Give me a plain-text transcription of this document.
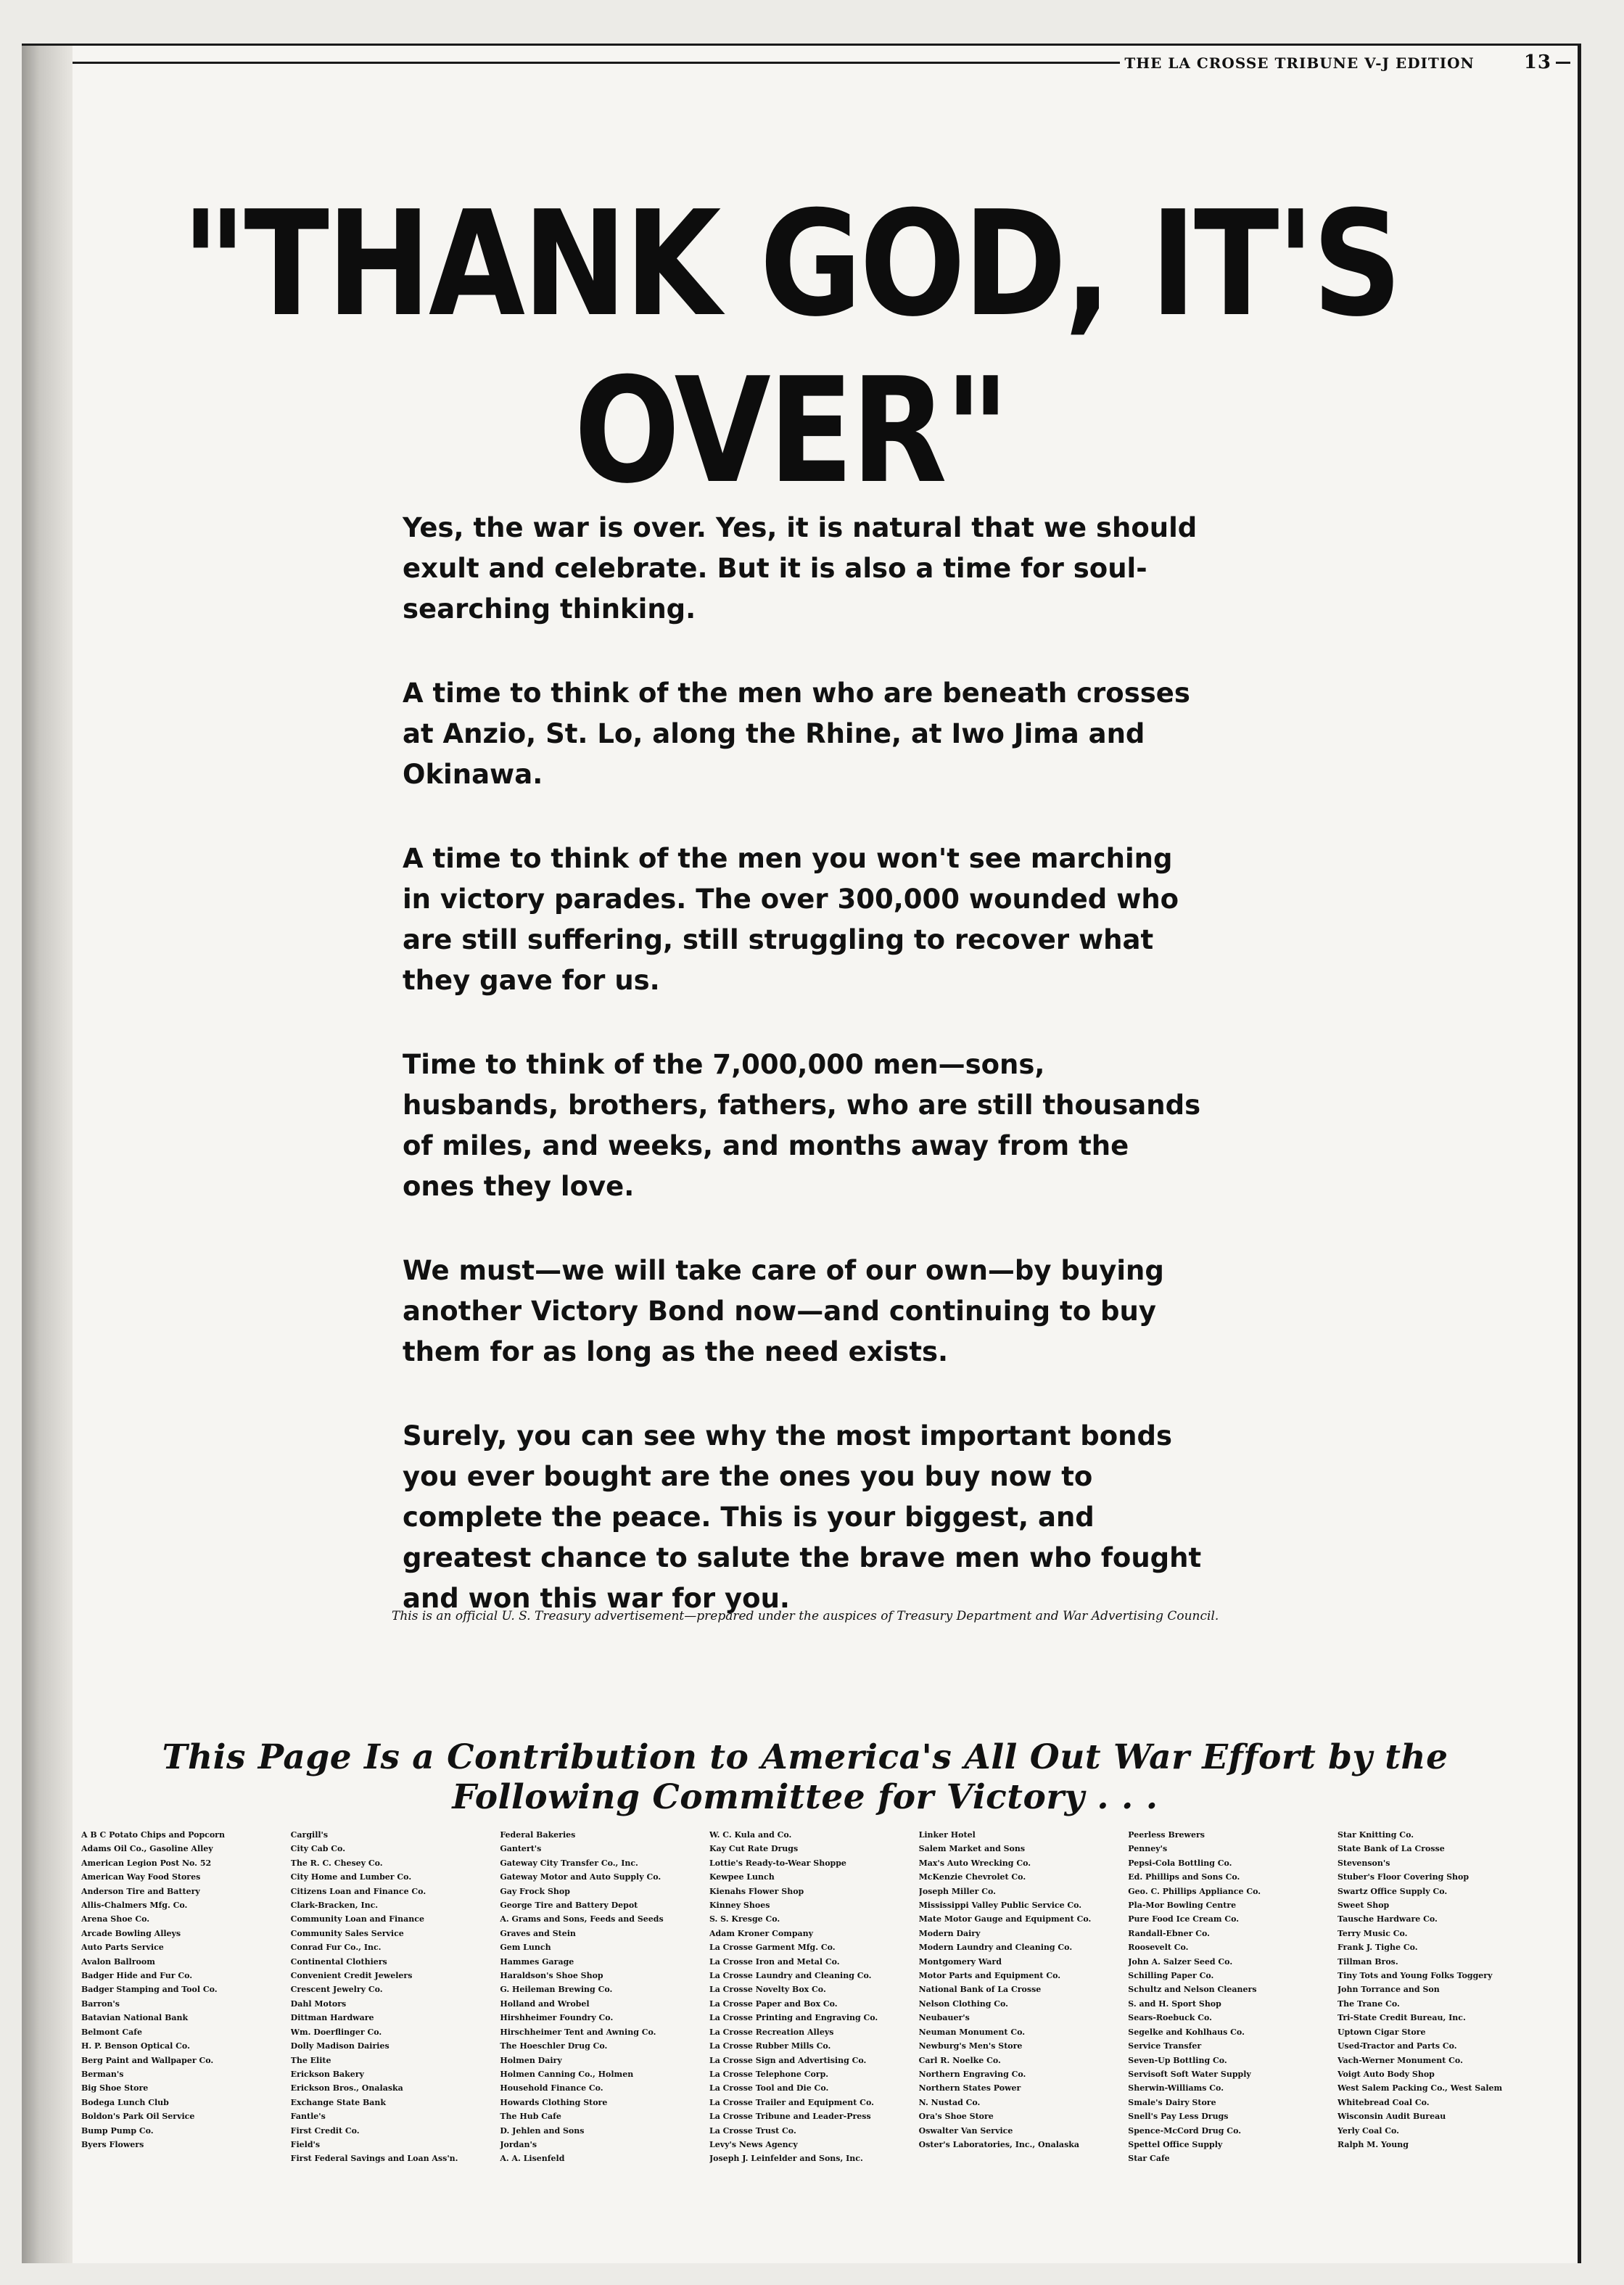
THE LA CROSSE TRIBUNE V-J EDITION	13
"THANK GOD, IT'S OVER"

Yes, the war is over. Yes, it is natural that we should exult and celebrate. But it is also a time for soul-searching thinking.

A time to think of the men who are beneath crosses at Anzio, St. Lo, along the Rhine, at Iwo Jima and Okinawa.

A time to think of the men you won't see marching in victory parades. The over 300,000 wounded who are still suffering, still struggling to recover what they gave for us.

Time to think of the 7,000,000 men—sons, husbands, brothers, fathers, who are still thousands of miles, and weeks, and months away from the ones they love.

We must—we will take care of our own—by buying another Victory Bond now—and continuing to buy them for as long as the need exists.

Surely, you can see why the most important bonds you ever bought are the ones you buy now to complete the peace. This is your biggest, and greatest chance to salute the brave men who fought and won this war for you.

This is an official U. S. Treasury advertisement—prepared under the auspices of Treasury Department and War Advertising Council.
This Page Is a Contribution to America's All Out War Effort by the Following Committee for Victory . . .
A B C Potato Chips and Popcorn
Adams Oil Co., Gasoline Alley
American Legion Post No. 52
American Way Food Stores
Anderson Tire and Battery
Allis-Chalmers Mfg. Co.
Arena Shoe Co.
Arcade Bowling Alleys
Auto Parts Service
Avalon Ballroom
Badger Hide and Fur Co.
Badger Stamping and Tool Co.
Barron's
Batavian National Bank
Belmont Cafe
H. P. Benson Optical Co.
Berg Paint and Wallpaper Co.
Berman's
Big Shoe Store
Bodega Lunch Club
Boldon's Park Oil Service
Bump Pump Co.
Byers Flowers
Cargill's
City Cab Co.
The R. C. Chesey Co.
City Home and Lumber Co.
Citizens Loan and Finance Co.
Clark-Bracken, Inc.
Community Loan and Finance
Community Sales Service
Conrad Fur Co., Inc.
Continental Clothiers
Convenient Credit Jewelers
Crescent Jewelry Co.
Dahl Motors
Dittman Hardware
Wm. Doerflinger Co.
Dolly Madison Dairies
The Elite
Erickson Bakery
Erickson Bros., Onalaska
Exchange State Bank
Fantle's
First Credit Co.
Field's
First Federal Savings and Loan Ass'n.
Federal Bakeries
Gantert's
Gateway City Transfer Co., Inc.
Gateway Motor and Auto Supply Co.
Gay Frock Shop
George Tire and Battery Depot
A. Grams and Sons, Feeds and Seeds
Graves and Stein
Gem Lunch
Hammes Garage
Haraldson's Shoe Shop
G. Heileman Brewing Co.
Holland and Wrobel
Hirshheimer Foundry Co.
Hirschheimer Tent and Awning Co.
The Hoeschler Drug Co.
Holmen Dairy
Holmen Canning Co., Holmen
Household Finance Co.
Howards Clothing Store
The Hub Cafe
D. Jehlen and Sons
Jordan's
A. A. Lisenfeld
W. C. Kula and Co.
Kay Cut Rate Drugs
Lottie's Ready-to-Wear Shoppe
Kewpee Lunch
Kienahs Flower Shop
Kinney Shoes
S. S. Kresge Co.
Adam Kroner Company
La Crosse Garment Mfg. Co.
La Crosse Iron and Metal Co.
La Crosse Laundry and Cleaning Co.
La Crosse Novelty Box Co.
La Crosse Paper and Box Co.
La Crosse Printing and Engraving Co.
La Crosse Recreation Alleys
La Crosse Rubber Mills Co.
La Crosse Sign and Advertising Co.
La Crosse Telephone Corp.
La Crosse Tool and Die Co.
La Crosse Trailer and Equipment Co.
La Crosse Tribune and Leader-Press
La Crosse Trust Co.
Levy's News Agency
Joseph J. Leinfelder and Sons, Inc.
Linker Hotel
Salem Market and Sons
Max's Auto Wrecking Co.
McKenzie Chevrolet Co.
Joseph Miller Co.
Mississippi Valley Public Service Co.
Mate Motor Gauge and Equipment Co.
Modern Dairy
Modern Laundry and Cleaning Co.
Montgomery Ward
Motor Parts and Equipment Co.
National Bank of La Crosse
Nelson Clothing Co.
Neubauer's
Neuman Monument Co.
Newburg's Men's Store
Carl R. Noelke Co.
Northern Engraving Co.
Northern States Power
N. Nustad Co.
Ora's Shoe Store
Oswalter Van Service
Oster's Laboratories, Inc., Onalaska
Peerless Brewers
Penney's
Pepsi-Cola Bottling Co.
Ed. Phillips and Sons Co.
Geo. C. Phillips Appliance Co.
Pla-Mor Bowling Centre
Pure Food Ice Cream Co.
Randall-Ebner Co.
Roosevelt Co.
John A. Salzer Seed Co.
Schilling Paper Co.
Schultz and Nelson Cleaners
S. and H. Sport Shop
Sears-Roebuck Co.
Segelke and Kohlhaus Co.
Service Transfer
Seven-Up Bottling Co.
Servisoft Soft Water Supply
Sherwin-Williams Co.
Smale's Dairy Store
Snell's Pay Less Drugs
Spence-McCord Drug Co.
Spettel Office Supply
Star Cafe
Star Knitting Co.
State Bank of La Crosse
Stevenson's
Stuber's Floor Covering Shop
Swartz Office Supply Co.
Sweet Shop
Tausche Hardware Co.
Terry Music Co.
Frank J. Tighe Co.
Tillman Bros.
Tiny Tots and Young Folks Toggery
John Torrance and Son
The Trane Co.
Tri-State Credit Bureau, Inc.
Uptown Cigar Store
Used-Tractor and Parts Co.
Vach-Werner Monument Co.
Voigt Auto Body Shop
West Salem Packing Co., West Salem
Whitebread Coal Co.
Wisconsin Audit Bureau
Yerly Coal Co.
Ralph M. Young
